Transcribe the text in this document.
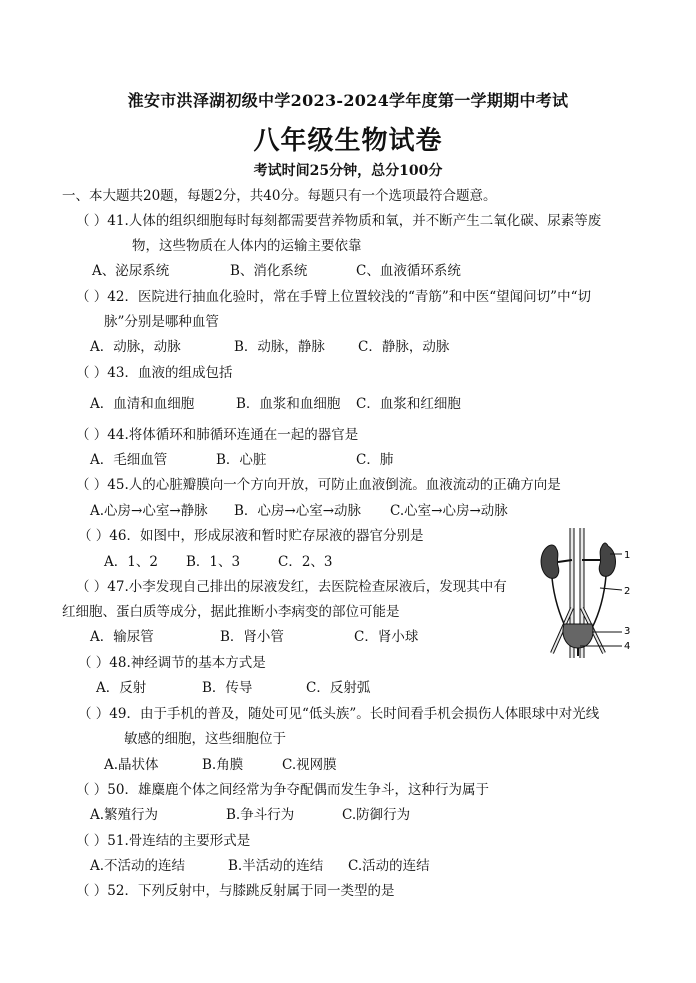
淮安市洪泽湖初级中学2023-2024学年度第一学期期中考试
八年级生物试卷
考试时间25分钟，总分100分
一、本大题共20题，每题2分，共40分。每题只有一个选项最符合题意。
（ ）41.人体的组织细胞每时每刻都需要营养物质和氧，并不断产生二氧化碳、尿素等废
物，这些物质在人体内的运输主要依靠
A、泌尿系统	B、消化系统	C、血液循环系统
（ ）42．医院进行抽血化验时，常在手臂上位置较浅的“青筋”和中医“望闻问切”中“切
脉”分别是哪种血管
A．动脉，动脉	B．动脉，静脉 C．静脉，动脉
（ ）43．血液的组成包括
A．血清和血细胞	B．血浆和血细胞 C．血浆和红细胞
（ ）44.将体循环和肺循环连通在一起的器官是
A．毛细血管	B．心脏	C．肺
（ ）45.人的心脏瓣膜向一个方向开放，可防止血液倒流。血液流动的正确方向是
A.心房→心室→静脉 B．心房→心室→动脉 C.心室→心房→动脉
（ ）46．如图中，形成尿液和暂时贮存尿液的器官分别是
A．1、2 B．1、3	C．2、3
（ ）47.小李发现自己排出的尿液发红，去医院检查尿液后，发现其中有
红细胞、蛋白质等成分，据此推断小李病变的部位可能是
A．输尿管	B．肾小管	C．肾小球
（ ）48.神经调节的基本方式是
A．反射	B．传导	C．反射弧
（ ）49．由于手机的普及，随处可见“低头族”。长时间看手机会损伤人体眼球中对光线
敏感的细胞，这些细胞位于
A.晶状体	B.角膜	C.视网膜
（ ）50．雄麋鹿个体之间经常为争夺配偶而发生争斗，这种行为属于
A.繁殖行为	B.争斗行为	C.防御行为
（ ）51.骨连结的主要形式是
A.不活动的连结	B.半活动的连结 C.活动的连结
（ ）52．下列反射中，与膝跳反射属于同一类型的是
1
2
3
4
